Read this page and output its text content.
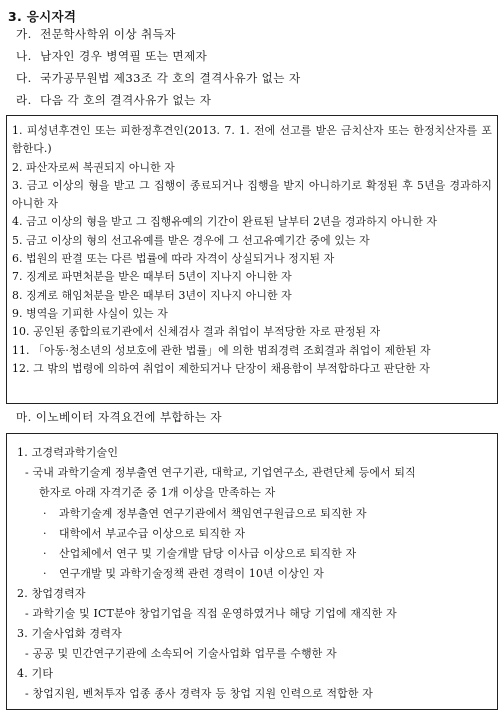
3. 응시자격
가. 전문학사학위 이상 취득자
나. 남자인 경우 병역필 또는 면제자
다. 국가공무원법 제33조 각 호의 결격사유가 없는 자
라. 다음 각 호의 결격사유가 없는 자
1. 피성년후견인 또는 피한정후견인(2013. 7. 1. 전에 선고를 받은 금치산자 또는 한정치산자를 포함한다.)
2. 파산자로써 복권되지 아니한 자
3. 금고 이상의 형을 받고 그 집행이 종료되거나 집행을 받지 아니하기로 확정된 후 5년을 경과하지 아니한 자
4. 금고 이상의 형을 받고 그 집행유예의 기간이 완료된 날부터 2년을 경과하지 아니한 자
5. 금고 이상의 형의 선고유예를 받은 경우에 그 선고유예기간 중에 있는 자
6. 법원의 판결 또는 다른 법률에 따라 자격이 상실되거나 정지된 자
7. 징계로 파면처분을 받은 때부터 5년이 지나지 아니한 자
8. 징계로 해임처분을 받은 때부터 3년이 지나지 아니한 자
9. 병역을 기피한 사실이 있는 자
10. 공인된 종합의료기관에서 신체검사 결과 취업이 부적당한 자로 판정된 자
11. 「아동·청소년의 성보호에 관한 법률」에 의한 범죄경력 조회결과 취업이 제한된 자
12. 그 밖의 법령에 의하여 취업이 제한되거나 단장이 채용함이 부적합하다고 판단한 자
마. 이노베이터 자격요건에 부합하는 자
1. 고경력과학기술인
- 국내 과학기술계 정부출연 연구기관, 대학교, 기업연구소, 관련단체 등에서 퇴직
한자로 아래 자격기준 중 1개 이상을 만족하는 자
· 과학기술계 정부출연 연구기관에서 책임연구원급으로 퇴직한 자
· 대학에서 부교수급 이상으로 퇴직한 자
· 산업체에서 연구 및 기술개발 담당 이사급 이상으로 퇴직한 자
· 연구개발 및 과학기술정책 관련 경력이 10년 이상인 자
2. 창업경력자
- 과학기술 및 ICT분야 창업기업을 직접 운영하였거나 해당 기업에 재직한 자
3. 기술사업화 경력자
- 공공 및 민간연구기관에 소속되어 기술사업화 업무를 수행한 자
4. 기타
- 창업지원, 벤처투자 업종 종사 경력자 등 창업 지원 인력으로 적합한 자
